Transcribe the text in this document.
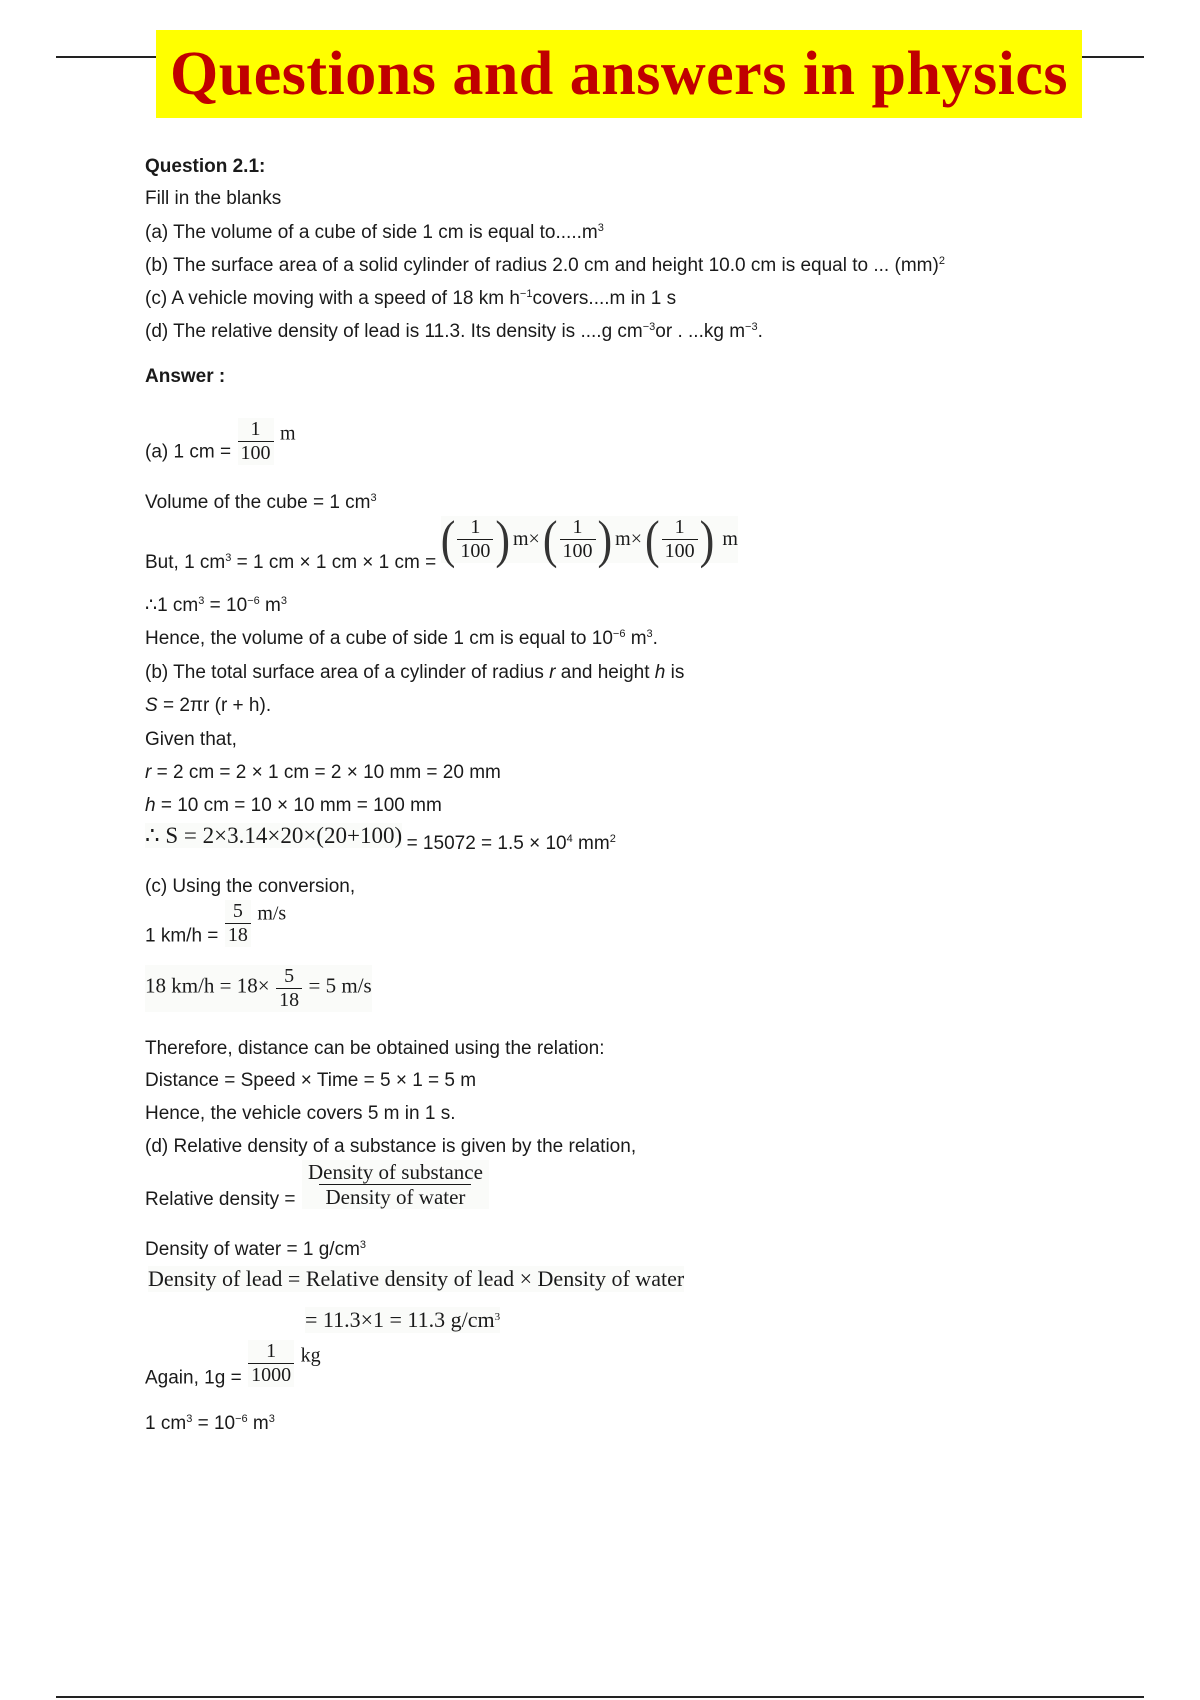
Questions and answers in physics
Question 2.1:
Fill in the blanks
(a) The volume of a cube of side 1 cm is equal $to.....m^3$
(b) The surface area of a solid cylinder of radius 2.0 cm and height 10.0 cm is equal to ... (mm)$^2$
(c) A vehicle moving with a speed of 18 km $h^{-1}covers....m$ in 1 s
(d) The relative density of lead is 11.3. Its density is ....g $cm^{-3}or$ . ...kg $m^{-3}$.
Answer :
(a) 1 cm = $\frac{1}{100}$ m
Volume of the cube = 1 $cm^3$
But, 1 $cm^3 = 1$ cm × 1 cm × 1 cm = ( $\frac{1}{100}$ ) m× ( $\frac{1}{100}$ ) m× ( $\frac{1}{100}$ ) m
∴1 $cm^3 = 10^{-6}$ $m^3$
Hence, the volume of a cube of side 1 cm is equal to $10^{-6}$ $m^3$.
(b) The total surface area of a cylinder of radius r and height h is
S = 2πr (r + h).
Given that,
r = 2 cm = 2 × 1 cm = 2 × 10 mm = 20 mm
h = 10 cm = 10 × 10 mm = 100 mm
∴ $S = 2\times 3.14\times 20\times(20+100) = 15072 = 1.5 \times 10^4$ $mm^2$
(c) Using the conversion,
1 $km/h = \frac{5}{18} m/s$
18 $km/h = 18\times \frac{5}{18} = 5$ m/s
Therefore, distance can be obtained using the relation:
Distance = Speed × Time = 5 × 1 = 5 m
Hence, the vehicle covers 5 m in 1 s.
(d) Relative density of a substance is given by the relation,
Relative density = $\frac{\text{Density of substance}}{\text{Density of water}}$
Density of water = 1 $g/cm^3$
Density of lead = Relative density of lead × Density of water
= 11.3×1 = 11.3 $g/cm^3$
Again, $1g = \frac{1}{1000}$ kg
1 $cm^3 = 10^{-6}$ $m^3$
